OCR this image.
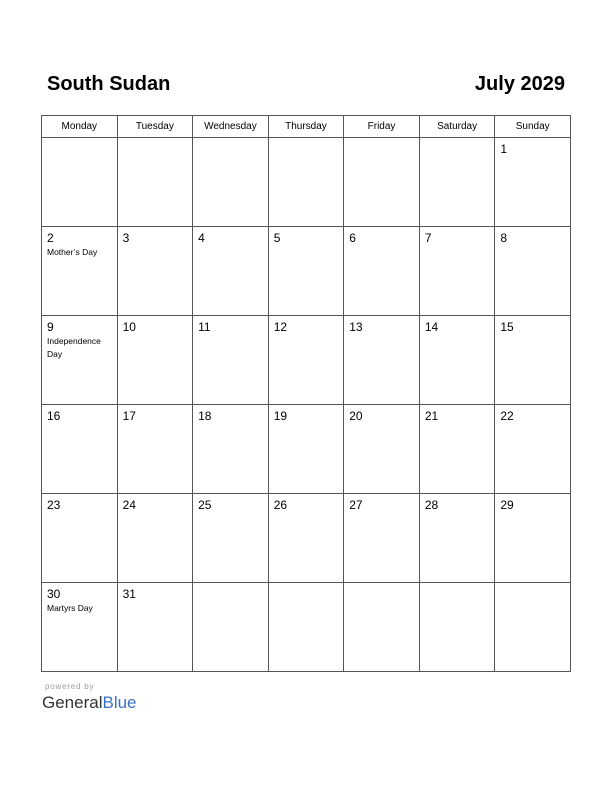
South Sudan	July 2029
Monday	Tuesday	Wednesday	Thursday	Friday	Saturday	Sunday

						1

2
Mother’s Day	3	4	5	6	7	8

9
Independence Day	10	11	12	13	14	15

16	17	18	19	20	21	22

23	24	25	26	27	28	29

30
Martyrs Day	31					

powered by
GeneralBlue
